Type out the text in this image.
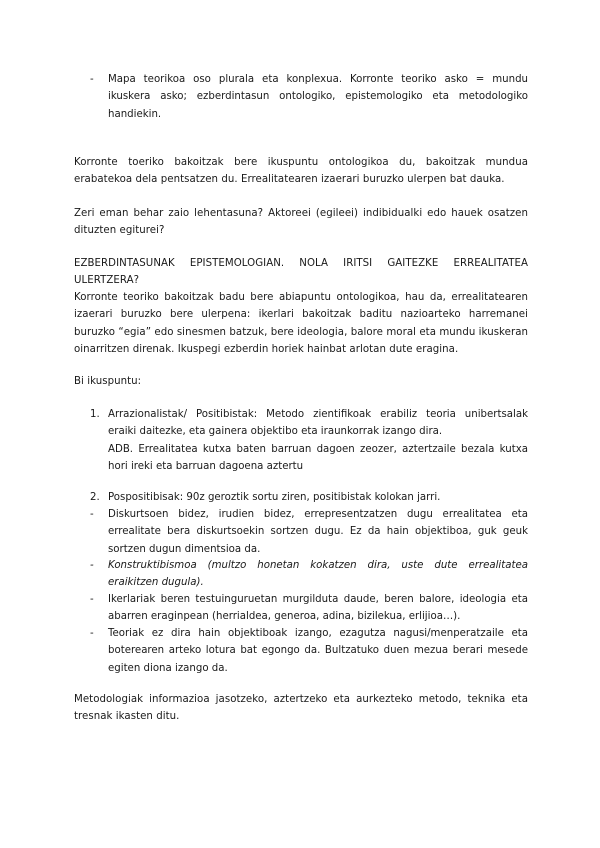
-	Mapa teorikoa oso plurala eta konplexua. Korronte teoriko asko = mundu
ikuskera asko; ezberdintasun ontologiko, epistemologiko eta metodologiko
handiekin.
Korronte toeriko bakoitzak bere ikuspuntu ontologikoa du, bakoitzak mundua
erabatekoa dela pentsatzen du. Errealitatearen izaerari buruzko ulerpen bat dauka.
Zeri eman behar zaio lehentasuna? Aktoreei (egileei) indibidualki edo hauek osatzen
dituzten egiturei?
EZBERDINTASUNAK EPISTEMOLOGIAN. NOLA IRITSI GAITEZKE ERREALITATEA
ULERTZERA?
Korronte teoriko bakoitzak badu bere abiapuntu ontologikoa, hau da, errealitatearen
izaerari buruzko bere ulerpena: ikerlari bakoitzak baditu nazioarteko harremanei
buruzko “egia” edo sinesmen batzuk, bere ideologia, balore moral eta mundu ikuskeran
oinarritzen direnak. Ikuspegi ezberdin horiek hainbat arlotan dute eragina.
Bi ikuspuntu:
1. Arrazionalistak/ Positibistak: Metodo zientifikoak erabiliz teoria unibertsalak
eraiki daitezke, eta gainera objektibo eta iraunkorrak izango dira.
ADB. Errealitatea kutxa baten barruan dagoen zeozer, aztertzaile bezala kutxa
hori ireki eta barruan dagoena aztertu
2. Pospositibisak: 90z geroztik sortu ziren, positibistak kolokan jarri.
-	Diskurtsoen bidez, irudien bidez, errepresentzatzen dugu errealitatea eta
errealitate bera diskurtsoekin sortzen dugu. Ez da hain objektiboa, guk geuk
sortzen dugun dimentsioa da.
-	Konstruktibismoa (multzo honetan kokatzen dira, uste dute errealitatea
eraikitzen dugula).
-	Ikerlariak beren testuinguruetan murgilduta daude, beren balore, ideologia eta
abarren eraginpean (herrialdea, generoa, adina, bizilekua, erlijioa…).
-	Teoriak ez dira hain objektiboak izango, ezagutza nagusi/menperatzaile eta
boterearen arteko lotura bat egongo da. Bultzatuko duen mezua berari mesede
egiten diona izango da.
Metodologiak informazioa jasotzeko, aztertzeko eta aurkezteko metodo, teknika eta
tresnak ikasten ditu.
